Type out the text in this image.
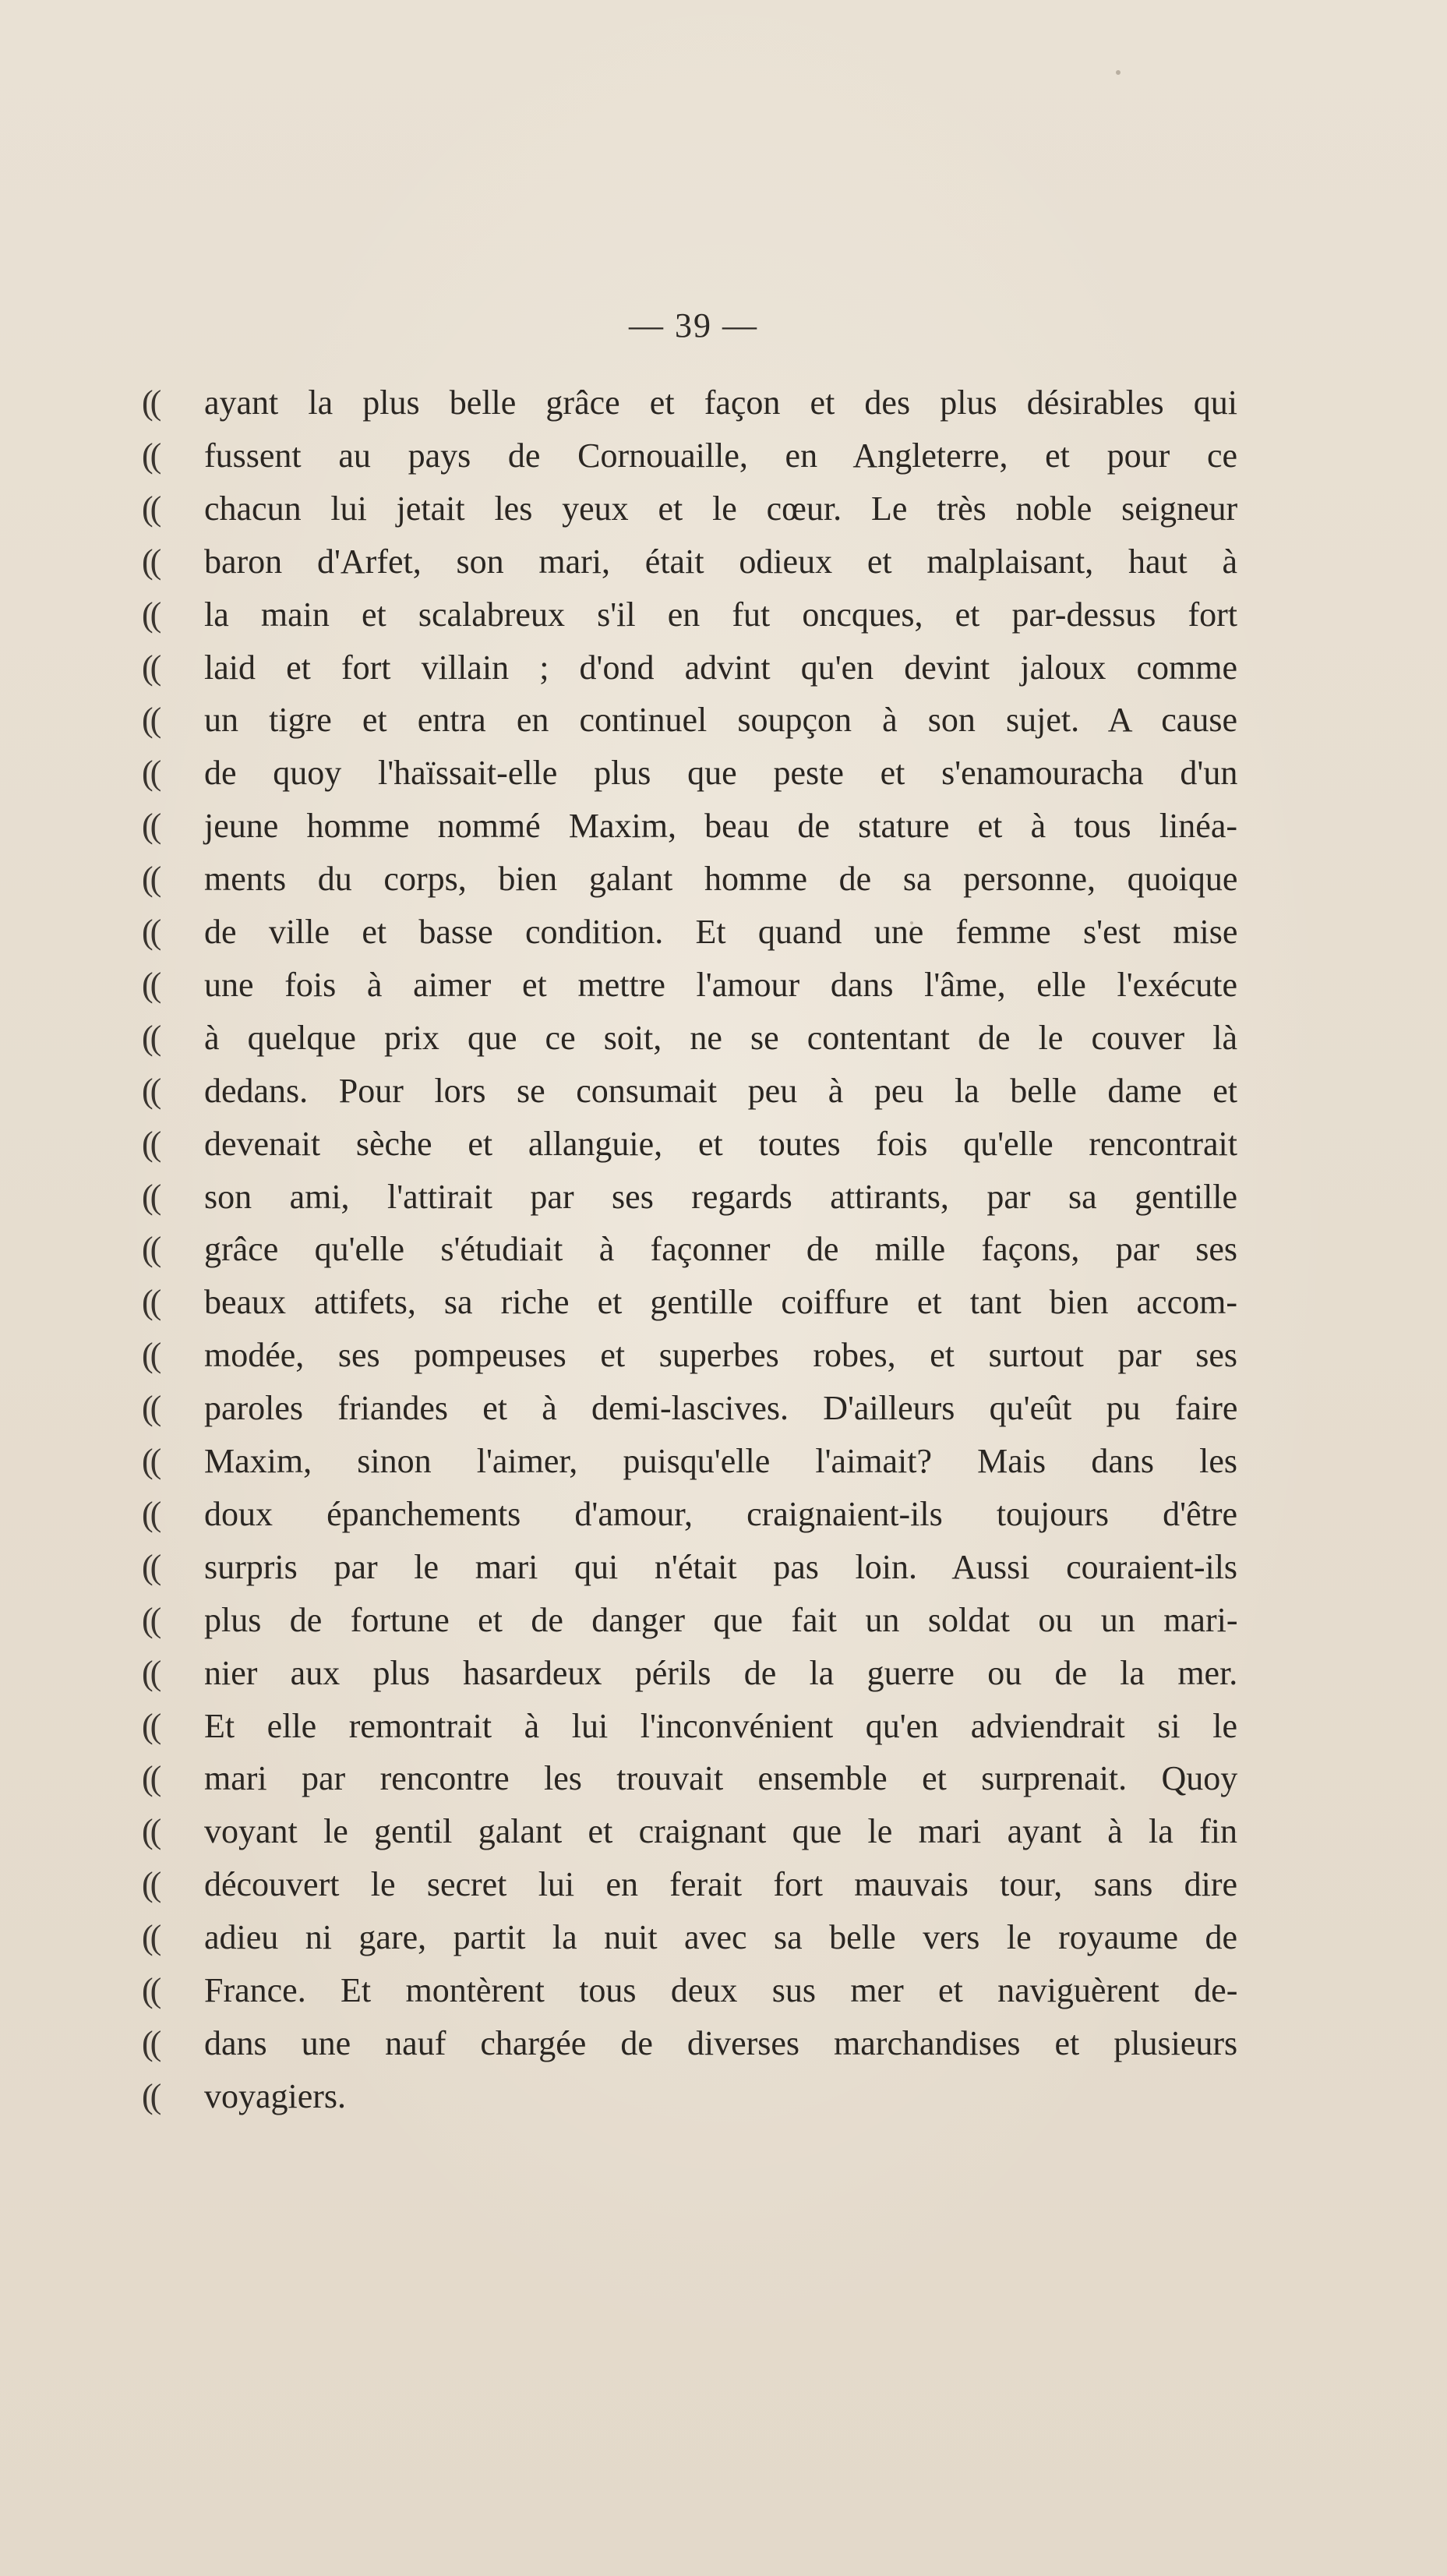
— 39 —
(( ayant la plus belle grâce et façon et des plus désirables qui
(( fussent au pays de Cornouaille, en Angleterre, et pour ce
(( chacun lui jetait les yeux et le cœur. Le très noble seigneur
(( baron d'Arfet, son mari, était odieux et malplaisant, haut à
(( la main et scalabreux s'il en fut oncques, et par-dessus fort
(( laid et fort villain ; d'ond advint qu'en devint jaloux comme
(( un tigre et entra en continuel soupçon à son sujet. A cause
(( de quoy l'haïssait-elle plus que peste et s'enamouracha d'un
(( jeune homme nommé Maxim, beau de stature et à tous linéa-
(( ments du corps, bien galant homme de sa personne, quoique
(( de ville et basse condition. Et quand une femme s'est mise
(( une fois à aimer et mettre l'amour dans l'âme, elle l'exécute
(( à quelque prix que ce soit, ne se contentant de le couver là
(( dedans. Pour lors se consumait peu à peu la belle dame et
(( devenait sèche et allanguie, et toutes fois qu'elle rencontrait
(( son ami, l'attirait par ses regards attirants, par sa gentille
(( grâce qu'elle s'étudiait à façonner de mille façons, par ses
(( beaux attifets, sa riche et gentille coiffure et tant bien accom-
(( modée, ses pompeuses et superbes robes, et surtout par ses
(( paroles friandes et à demi-lascives. D'ailleurs qu'eût pu faire
(( Maxim, sinon l'aimer, puisqu'elle l'aimait? Mais dans les
(( doux épanchements d'amour, craignaient-ils toujours d'être
(( surpris par le mari qui n'était pas loin. Aussi couraient-ils
(( plus de fortune et de danger que fait un soldat ou un mari-
(( nier aux plus hasardeux périls de la guerre ou de la mer.
(( Et elle remontrait à lui l'inconvénient qu'en adviendrait si le
(( mari par rencontre les trouvait ensemble et surprenait. Quoy
(( voyant le gentil galant et craignant que le mari ayant à la fin
(( découvert le secret lui en ferait fort mauvais tour, sans dire
(( adieu ni gare, partit la nuit avec sa belle vers le royaume de
(( France. Et montèrent tous deux sus mer et naviguèrent de-
(( dans une nauf chargée de diverses marchandises et plusieurs
(( voyagiers.
